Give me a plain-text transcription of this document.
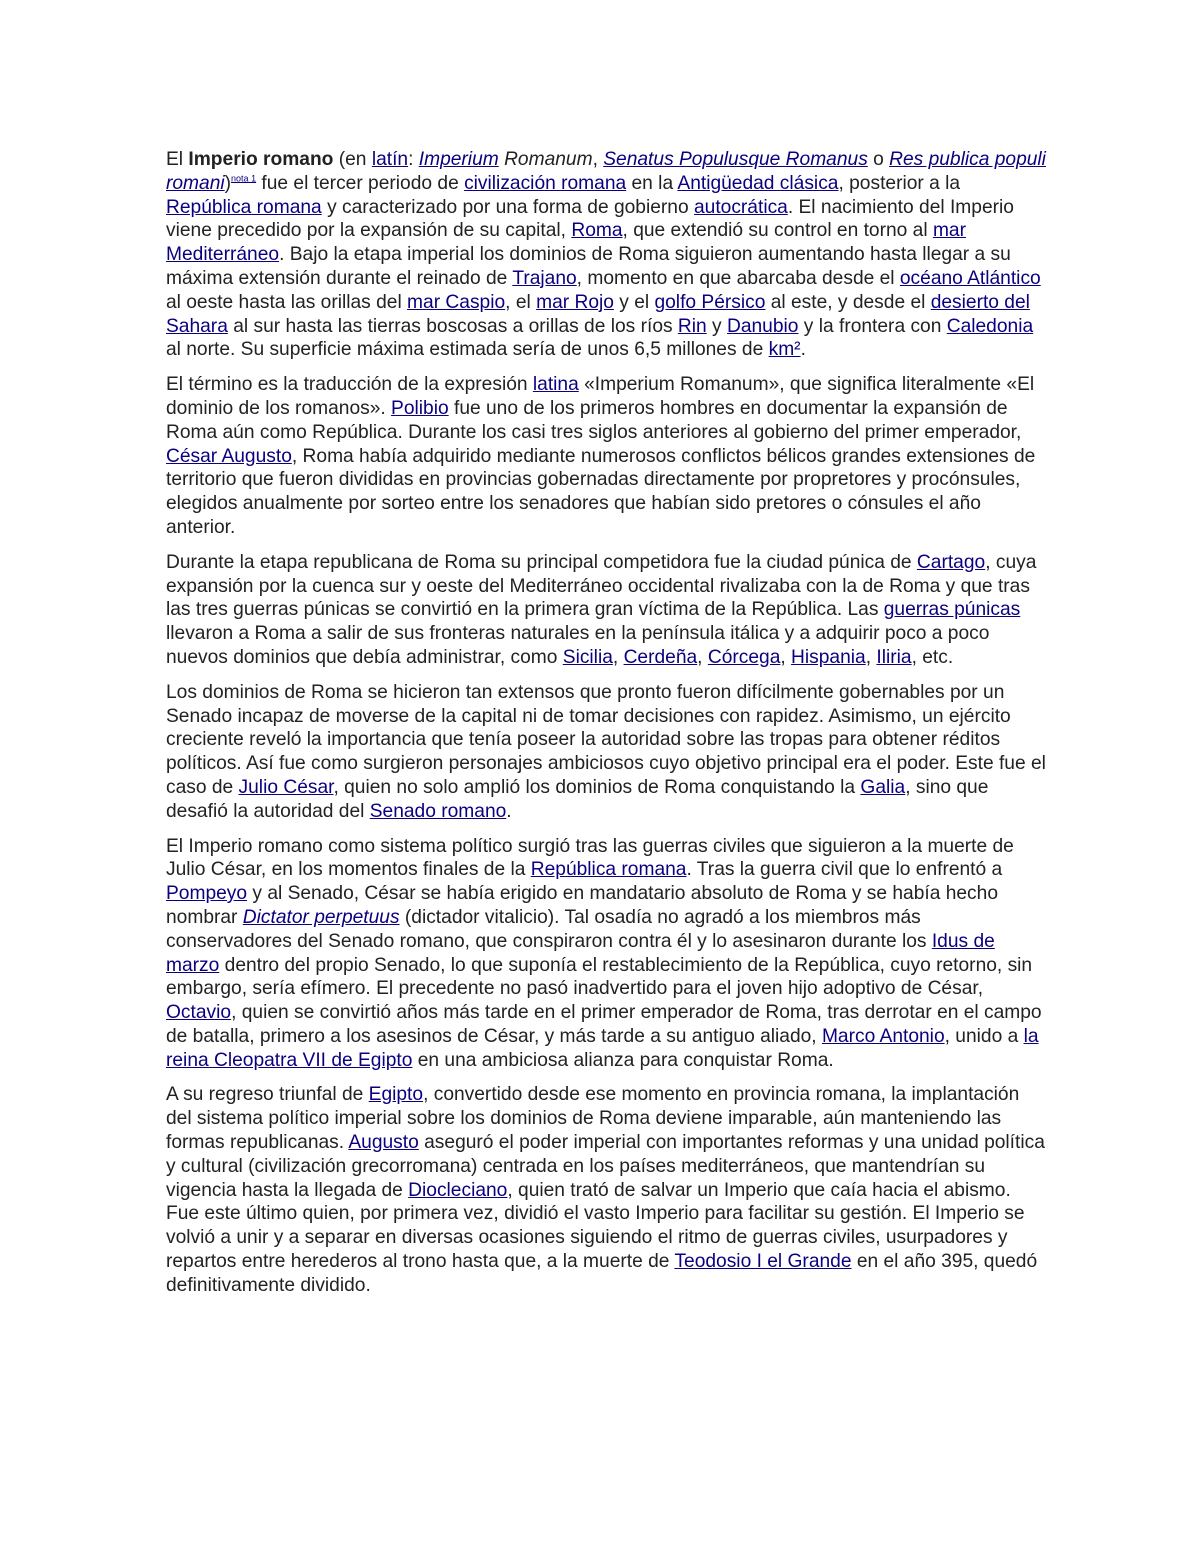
El Imperio romano (en latín: Imperium Romanum, Senatus Populusque Romanus o Res publica populi romani)$^{nota 1}$ fue el tercer periodo de civilización romana en la Antigüedad clásica, posterior a la República romana y caracterizado por una forma de gobierno autocrática. El nacimiento del Imperio viene precedido por la expansión de su capital, Roma, que extendió su control en torno al mar Mediterráneo. Bajo la etapa imperial los dominios de Roma siguieron aumentando hasta llegar a su máxima extensión durante el reinado de Trajano, momento en que abarcaba desde el océano Atlántico al oeste hasta las orillas del mar Caspio, el mar Rojo y el golfo Pérsico al este, y desde el desierto del Sahara al sur hasta las tierras boscosas a orillas de los ríos Rin y Danubio y la frontera con Caledonia al norte. Su superficie máxima estimada sería de unos 6,5 millones de km².

El término es la traducción de la expresión latina «Imperium Romanum», que significa literalmente «El dominio de los romanos». Polibio fue uno de los primeros hombres en documentar la expansión de Roma aún como República. Durante los casi tres siglos anteriores al gobierno del primer emperador, César Augusto, Roma había adquirido mediante numerosos conflictos bélicos grandes extensiones de territorio que fueron divididas en provincias gobernadas directamente por propretores y procónsules, elegidos anualmente por sorteo entre los senadores que habían sido pretores o cónsules el año anterior.

Durante la etapa republicana de Roma su principal competidora fue la ciudad púnica de Cartago, cuya expansión por la cuenca sur y oeste del Mediterráneo occidental rivalizaba con la de Roma y que tras las tres guerras púnicas se convirtió en la primera gran víctima de la República. Las guerras púnicas llevaron a Roma a salir de sus fronteras naturales en la península itálica y a adquirir poco a poco nuevos dominios que debía administrar, como Sicilia, Cerdeña, Córcega, Hispania, Iliria, etc.

Los dominios de Roma se hicieron tan extensos que pronto fueron difícilmente gobernables por un Senado incapaz de moverse de la capital ni de tomar decisiones con rapidez. Asimismo, un ejército creciente reveló la importancia que tenía poseer la autoridad sobre las tropas para obtener réditos políticos. Así fue como surgieron personajes ambiciosos cuyo objetivo principal era el poder. Este fue el caso de Julio César, quien no solo amplió los dominios de Roma conquistando la Galia, sino que desafió la autoridad del Senado romano.

El Imperio romano como sistema político surgió tras las guerras civiles que siguieron a la muerte de Julio César, en los momentos finales de la República romana. Tras la guerra civil que lo enfrentó a Pompeyo y al Senado, César se había erigido en mandatario absoluto de Roma y se había hecho nombrar Dictator perpetuus (dictador vitalicio). Tal osadía no agradó a los miembros más conservadores del Senado romano, que conspiraron contra él y lo asesinaron durante los Idus de marzo dentro del propio Senado, lo que suponía el restablecimiento de la República, cuyo retorno, sin embargo, sería efímero. El precedente no pasó inadvertido para el joven hijo adoptivo de César, Octavio, quien se convirtió años más tarde en el primer emperador de Roma, tras derrotar en el campo de batalla, primero a los asesinos de César, y más tarde a su antiguo aliado, Marco Antonio, unido a la reina Cleopatra VII de Egipto en una ambiciosa alianza para conquistar Roma.

A su regreso triunfal de Egipto, convertido desde ese momento en provincia romana, la implantación del sistema político imperial sobre los dominios de Roma deviene imparable, aún manteniendo las formas republicanas. Augusto aseguró el poder imperial con importantes reformas y una unidad política y cultural (civilización grecorromana) centrada en los países mediterráneos, que mantendrían su vigencia hasta la llegada de Diocleciano, quien trató de salvar un Imperio que caía hacia el abismo. Fue este último quien, por primera vez, dividió el vasto Imperio para facilitar su gestión. El Imperio se volvió a unir y a separar en diversas ocasiones siguiendo el ritmo de guerras civiles, usurpadores y repartos entre herederos al trono hasta que, a la muerte de Teodosio I el Grande en el año 395, quedó definitivamente dividido.
